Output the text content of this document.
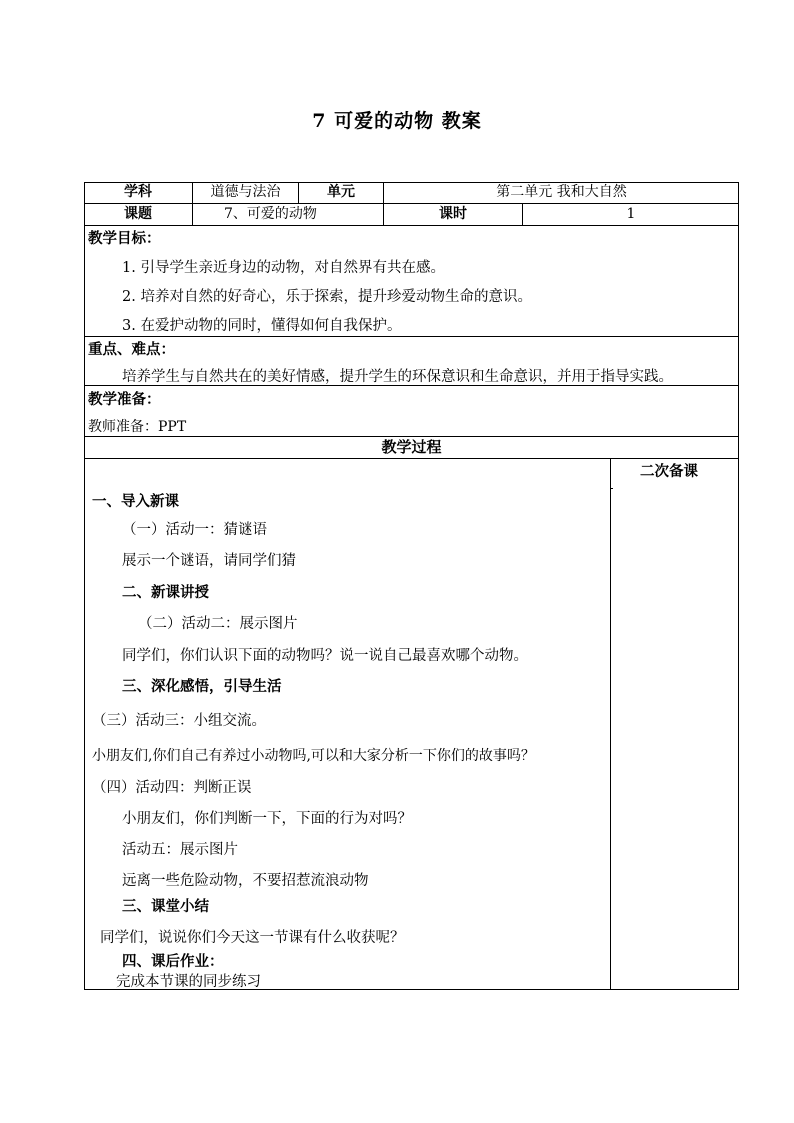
7 可爱的动物 教案
学科	道德与法治	单元	第二单元 我和大自然
课题	7、可爱的动物	课时	1
教学目标：
1. 引导学生亲近身边的动物，对自然界有共在感。
2. 培养对自然的好奇心，乐于探索，提升珍爱动物生命的意识。
3. 在爱护动物的同时，懂得如何自我保护。
重点、难点：
培养学生与自然共在的美好情感，提升学生的环保意识和生命意识，并用于指导实践。
教学准备：
教师准备：PPT
教学过程
二次备课
一、导入新课
（一）活动一：猜谜语
展示一个谜语，请同学们猜
二、新课讲授
（二）活动二：展示图片
同学们，你们认识下面的动物吗？说一说自己最喜欢哪个动物。
三、深化感悟，引导生活
（三）活动三：小组交流。
小朋友们,你们自己有养过小动物吗,可以和大家分析一下你们的故事吗？
（四）活动四：判断正误
小朋友们，你们判断一下，下面的行为对吗？
活动五：展示图片
远离一些危险动物，不要招惹流浪动物
三、课堂小结
同学们，说说你们今天这一节课有什么收获呢？
四、课后作业：
完成本节课的同步练习
